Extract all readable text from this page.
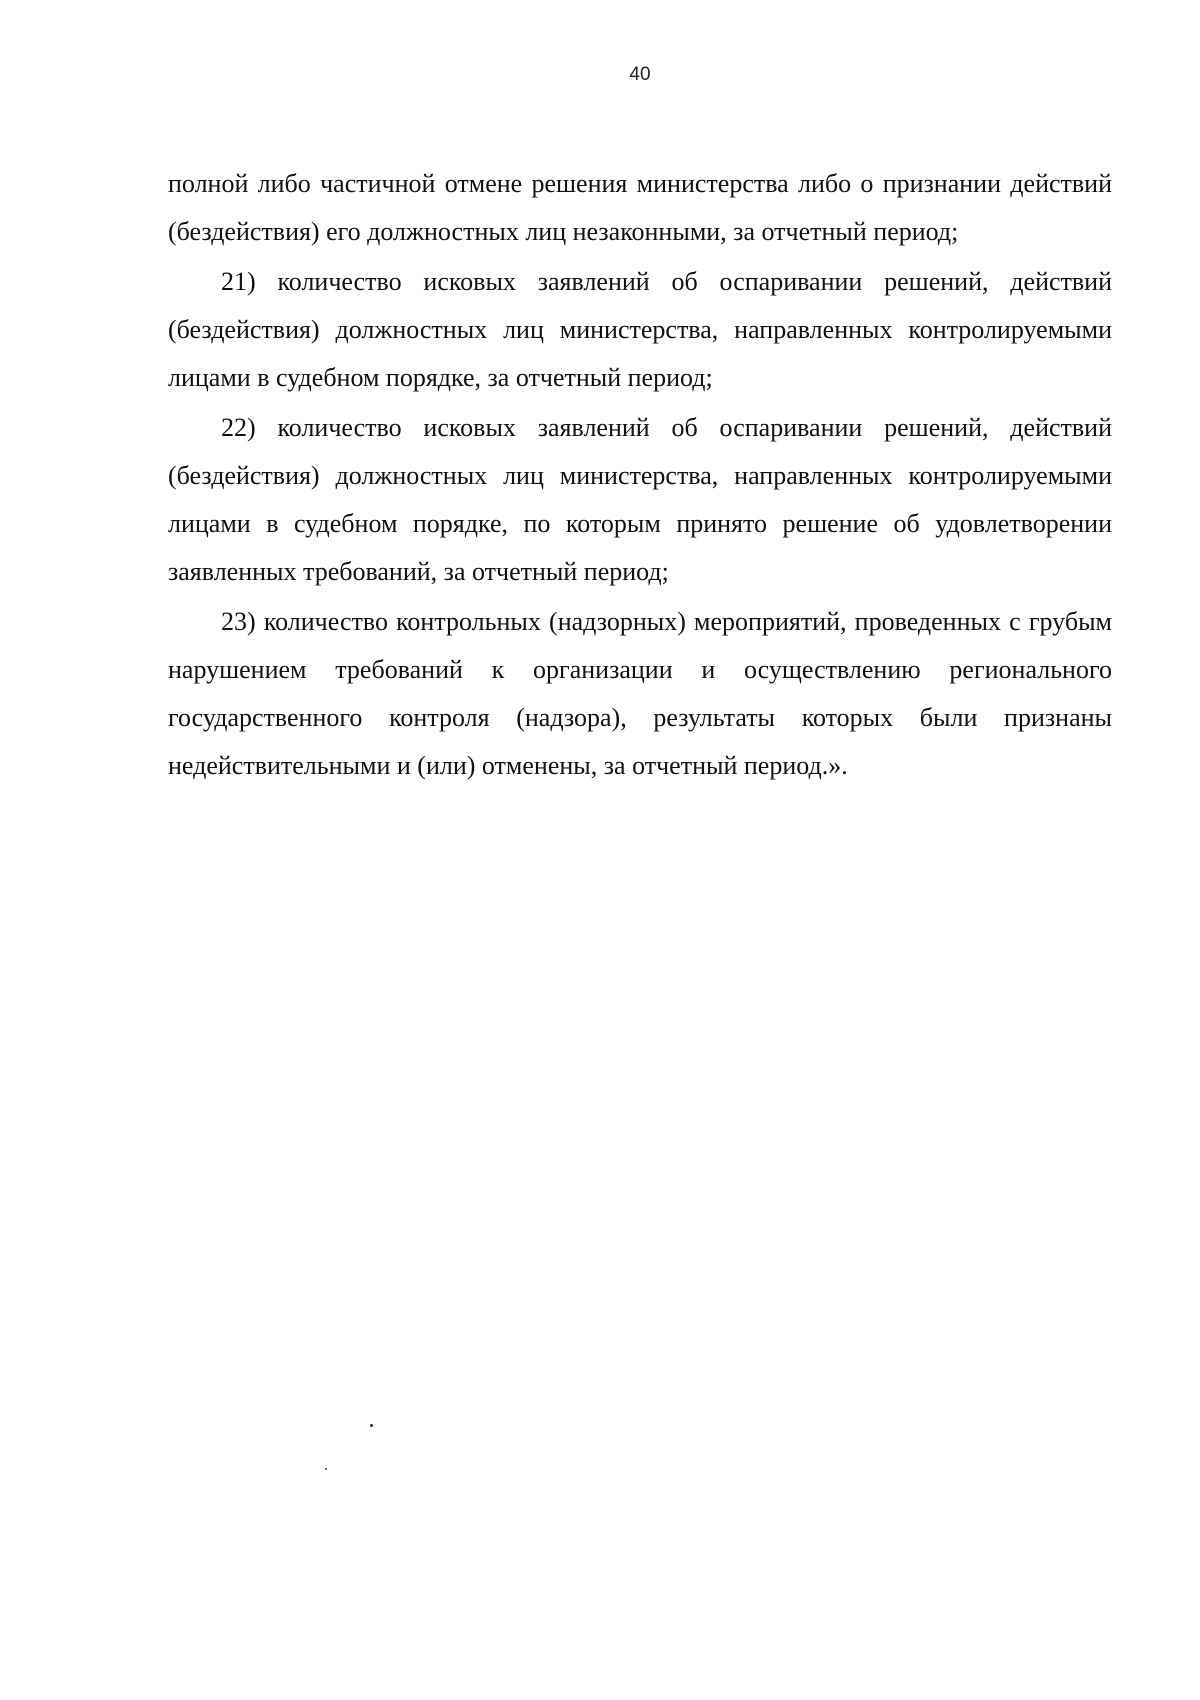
40

полной либо частичной отмене решения министерства либо о признании действий (бездействия) его должностных лиц незаконными, за отчетный период;

21) количество исковых заявлений об оспаривании решений, действий (бездействия) должностных лиц министерства, направленных контролируемыми лицами в судебном порядке, за отчетный период;

22) количество исковых заявлений об оспаривании решений, действий (бездействия) должностных лиц министерства, направленных контролируемыми лицами в судебном порядке, по которым принято решение об удовлетворении заявленных требований, за отчетный период;

23) количество контрольных (надзорных) мероприятий, проведенных с грубым нарушением требований к организации и осуществлению регионального государственного контроля (надзора), результаты которых были признаны недействительными и (или) отменены, за отчетный период.».
